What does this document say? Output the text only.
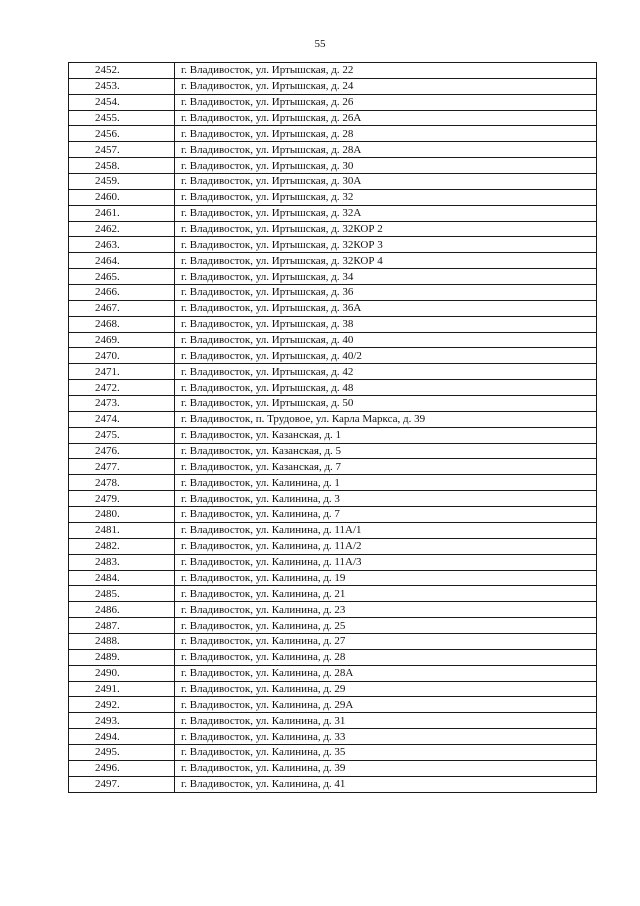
55
2452.	г. Владивосток, ул. Иртышская, д. 22
2453.	г. Владивосток, ул. Иртышская, д. 24
2454.	г. Владивосток, ул. Иртышская, д. 26
2455.	г. Владивосток, ул. Иртышская, д. 26А
2456.	г. Владивосток, ул. Иртышская, д. 28
2457.	г. Владивосток, ул. Иртышская, д. 28А
2458.	г. Владивосток, ул. Иртышская, д. 30
2459.	г. Владивосток, ул. Иртышская, д. 30А
2460.	г. Владивосток, ул. Иртышская, д. 32
2461.	г. Владивосток, ул. Иртышская, д. 32А
2462.	г. Владивосток, ул. Иртышская, д. 32КОР 2
2463.	г. Владивосток, ул. Иртышская, д. 32КОР 3
2464.	г. Владивосток, ул. Иртышская, д. 32КОР 4
2465.	г. Владивосток, ул. Иртышская, д. 34
2466.	г. Владивосток, ул. Иртышская, д. 36
2467.	г. Владивосток, ул. Иртышская, д. 36А
2468.	г. Владивосток, ул. Иртышская, д. 38
2469.	г. Владивосток, ул. Иртышская, д. 40
2470.	г. Владивосток, ул. Иртышская, д. 40/2
2471.	г. Владивосток, ул. Иртышская, д. 42
2472.	г. Владивосток, ул. Иртышская, д. 48
2473.	г. Владивосток, ул. Иртышская, д. 50
2474.	г. Владивосток, п. Трудовое, ул. Карла Маркса, д. 39
2475.	г. Владивосток, ул. Казанская, д. 1
2476.	г. Владивосток, ул. Казанская, д. 5
2477.	г. Владивосток, ул. Казанская, д. 7
2478.	г. Владивосток, ул. Калинина, д. 1
2479.	г. Владивосток, ул. Калинина, д. 3
2480.	г. Владивосток, ул. Калинина, д. 7
2481.	г. Владивосток, ул. Калинина, д. 11А/1
2482.	г. Владивосток, ул. Калинина, д. 11А/2
2483.	г. Владивосток, ул. Калинина, д. 11А/3
2484.	г. Владивосток, ул. Калинина, д. 19
2485.	г. Владивосток, ул. Калинина, д. 21
2486.	г. Владивосток, ул. Калинина, д. 23
2487.	г. Владивосток, ул. Калинина, д. 25
2488.	г. Владивосток, ул. Калинина, д. 27
2489.	г. Владивосток, ул. Калинина, д. 28
2490.	г. Владивосток, ул. Калинина, д. 28А
2491.	г. Владивосток, ул. Калинина, д. 29
2492.	г. Владивосток, ул. Калинина, д. 29А
2493.	г. Владивосток, ул. Калинина, д. 31
2494.	г. Владивосток, ул. Калинина, д. 33
2495.	г. Владивосток, ул. Калинина, д. 35
2496.	г. Владивосток, ул. Калинина, д. 39
2497.	г. Владивосток, ул. Калинина, д. 41
